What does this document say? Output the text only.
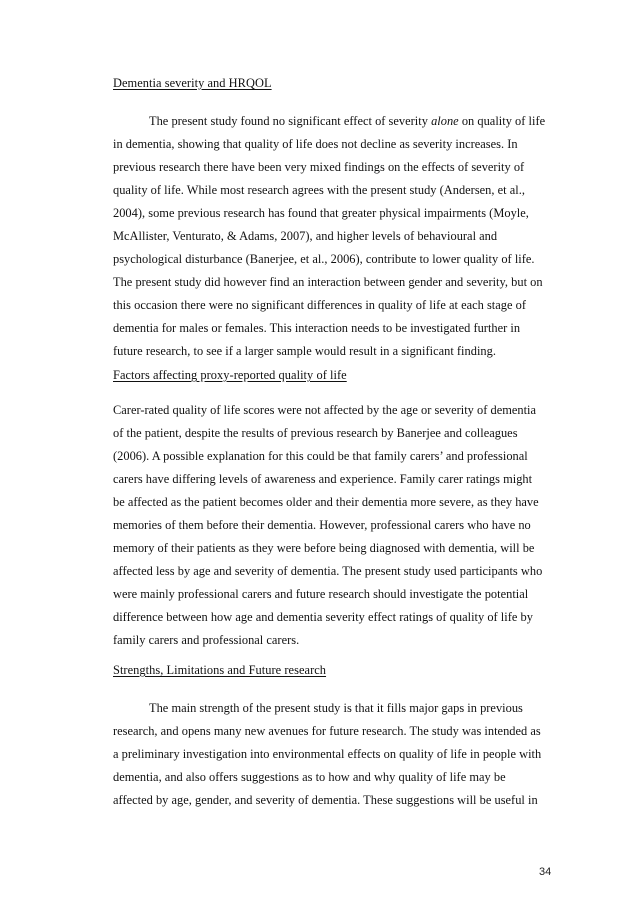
Dementia severity and HRQOL
The present study found no significant effect of severity alone on quality of life
in dementia, showing that quality of life does not decline as severity increases. In
previous research there have been very mixed findings on the effects of severity of
quality of life. While most research agrees with the present study (Andersen, et al.,
2004), some previous research has found that greater physical impairments (Moyle,
McAllister, Venturato, & Adams, 2007), and higher levels of behavioural and
psychological disturbance (Banerjee, et al., 2006), contribute to lower quality of life.
The present study did however find an interaction between gender and severity, but on
this occasion there were no significant differences in quality of life at each stage of
dementia for males or females. This interaction needs to be investigated further in
future research, to see if a larger sample would result in a significant finding.
Factors affecting proxy-reported quality of life
Carer-rated quality of life scores were not affected by the age or severity of dementia
of the patient, despite the results of previous research by Banerjee and colleagues
(2006). A possible explanation for this could be that family carers’ and professional
carers have differing levels of awareness and experience. Family carer ratings might
be affected as the patient becomes older and their dementia more severe, as they have
memories of them before their dementia. However, professional carers who have no
memory of their patients as they were before being diagnosed with dementia, will be
affected less by age and severity of dementia. The present study used participants who
were mainly professional carers and future research should investigate the potential
difference between how age and dementia severity effect ratings of quality of life by
family carers and professional carers.
Strengths, Limitations and Future research
The main strength of the present study is that it fills major gaps in previous
research, and opens many new avenues for future research. The study was intended as
a preliminary investigation into environmental effects on quality of life in people with
dementia, and also offers suggestions as to how and why quality of life may be
affected by age, gender, and severity of dementia. These suggestions will be useful in
34
